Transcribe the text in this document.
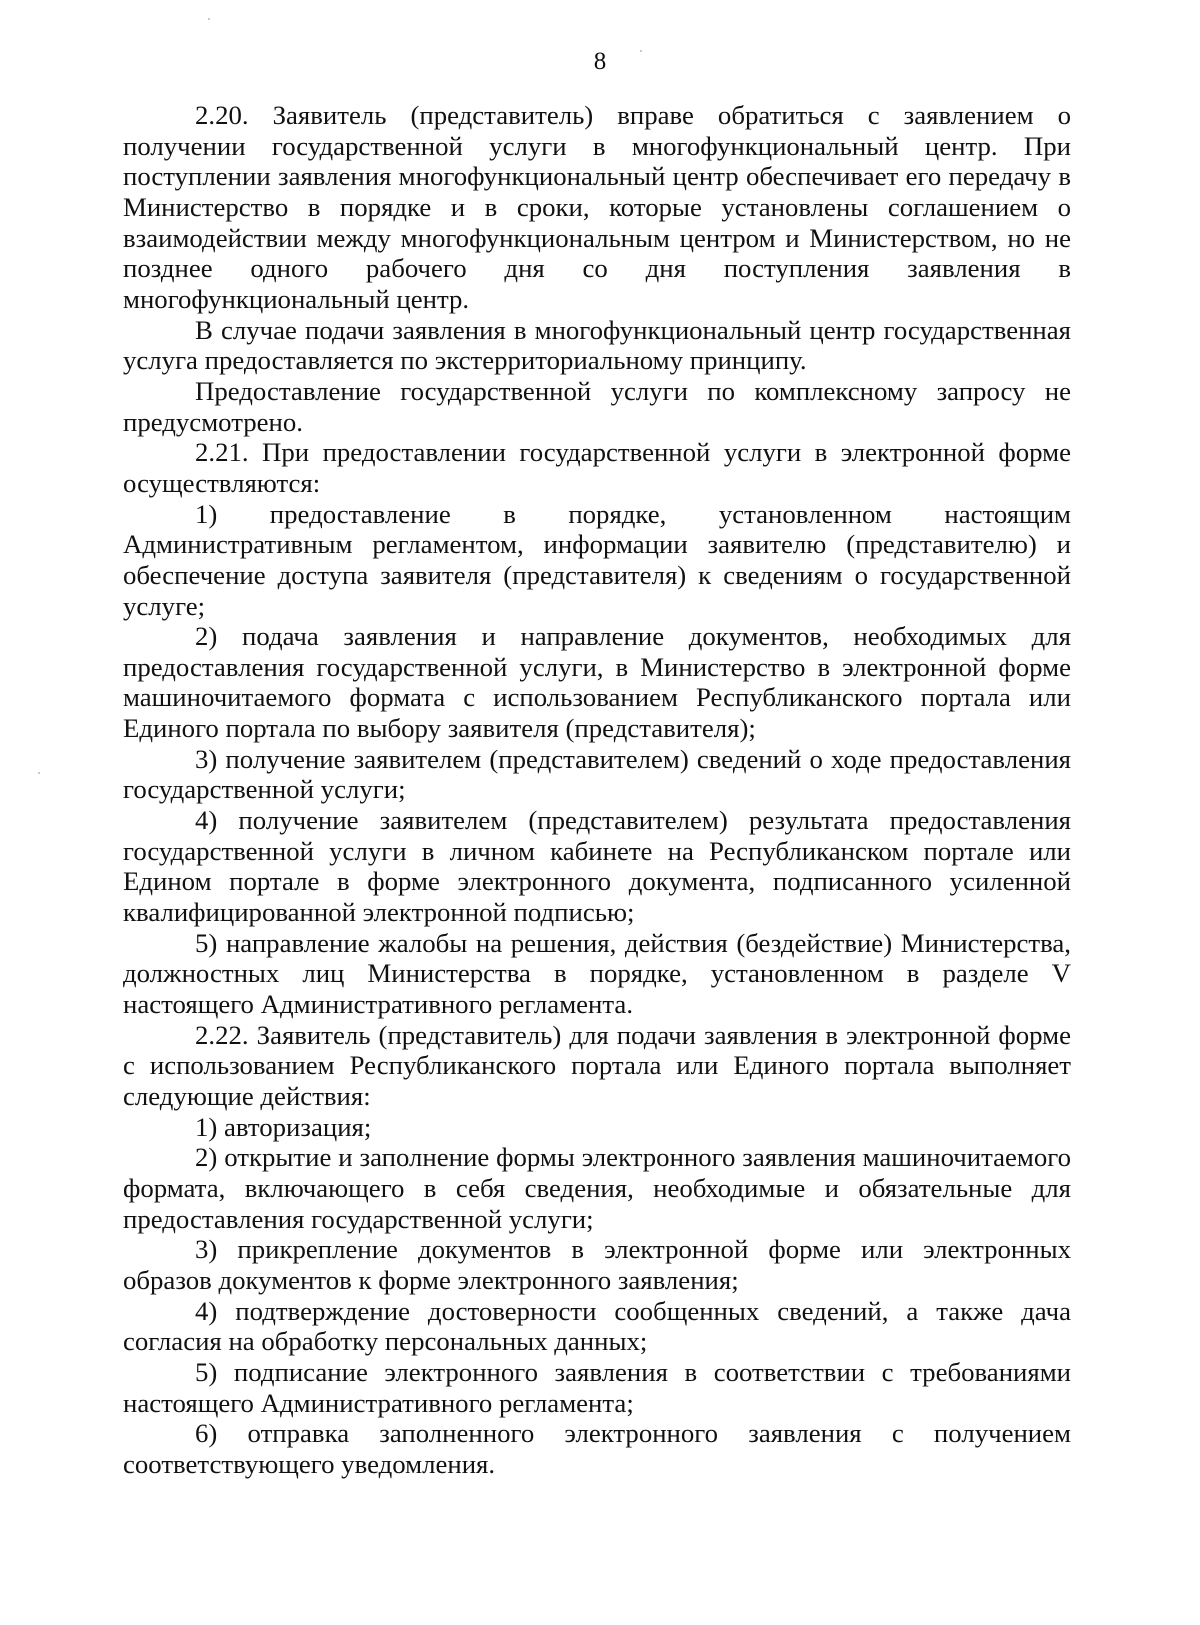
8

2.20. Заявитель (представитель) вправе обратиться с заявлением о получении государственной услуги в многофункциональный центр. При поступлении заявления многофункциональный центр обеспечивает его передачу в Министерство в порядке и в сроки, которые установлены соглашением о взаимодействии между многофункциональным центром и Министерством, но не позднее одного рабочего дня со дня поступления заявления в многофункциональный центр.

В случае подачи заявления в многофункциональный центр государственная услуга предоставляется по экстерриториальному принципу.

Предоставление государственной услуги по комплексному запросу не предусмотрено.

2.21. При предоставлении государственной услуги в электронной форме осуществляются:

1) предоставление в порядке, установленном настоящим Административным регламентом, информации заявителю (представителю) и обеспечение доступа заявителя (представителя) к сведениям о государственной услуге;

2) подача заявления и направление документов, необходимых для предоставления государственной услуги, в Министерство в электронной форме машиночитаемого формата с использованием Республиканского портала или Единого портала по выбору заявителя (представителя);

3) получение заявителем (представителем) сведений о ходе предоставления государственной услуги;

4) получение заявителем (представителем) результата предоставления государственной услуги в личном кабинете на Республиканском портале или Едином портале в форме электронного документа, подписанного усиленной квалифицированной электронной подписью;

5) направление жалобы на решения, действия (бездействие) Министерства, должностных лиц Министерства в порядке, установленном в разделе V настоящего Административного регламента.

2.22. Заявитель (представитель) для подачи заявления в электронной форме с использованием Республиканского портала или Единого портала выполняет следующие действия:

1) авторизация;

2) открытие и заполнение формы электронного заявления машиночитаемого формата, включающего в себя сведения, необходимые и обязательные для предоставления государственной услуги;

3) прикрепление документов в электронной форме или электронных образов документов к форме электронного заявления;

4) подтверждение достоверности сообщенных сведений, а также дача согласия на обработку персональных данных;

5) подписание электронного заявления в соответствии с требованиями настоящего Административного регламента;

6) отправка заполненного электронного заявления с получением соответствующего уведомления.
